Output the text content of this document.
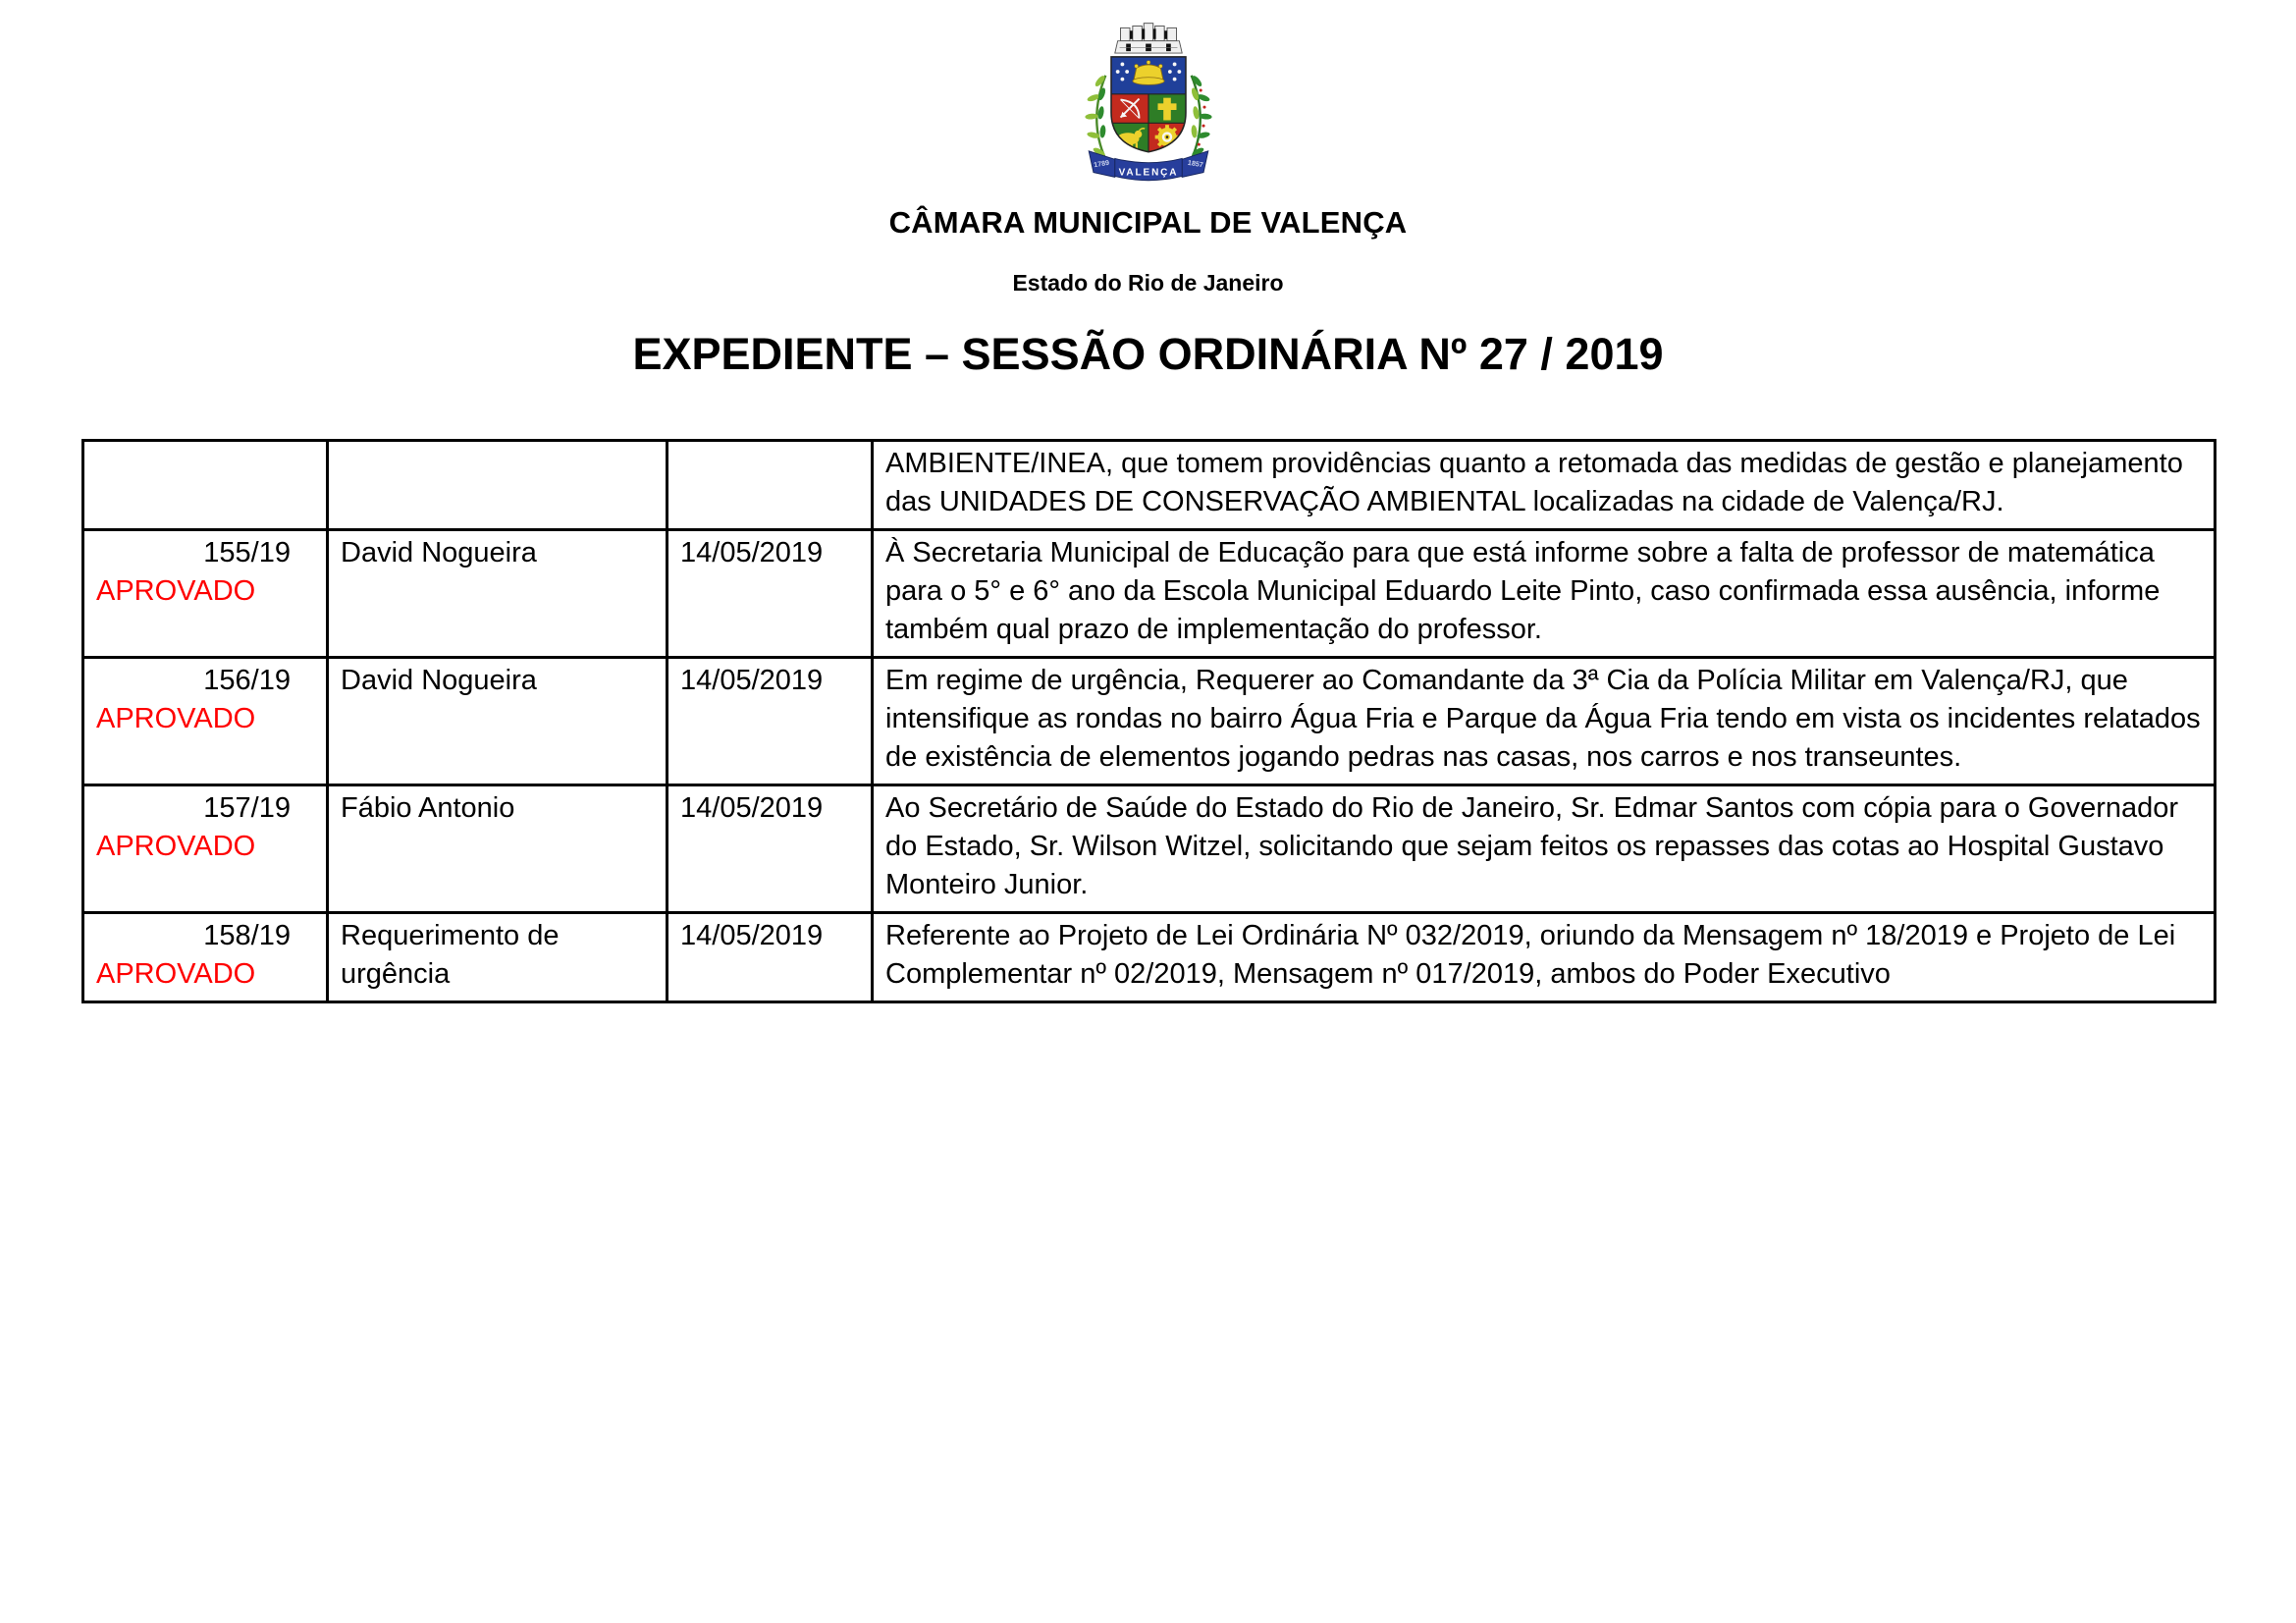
1789	1857
VALENÇA
CÂMARA MUNICIPAL DE VALENÇA
Estado do Rio de Janeiro
EXPEDIENTE – SESSÃO ORDINÁRIA Nº 27 / 2019
			AMBIENTE/INEA, que tomem providências quanto a retomada das medidas de gestão e planejamento das UNIDADES DE CONSERVAÇÃO AMBIENTAL localizadas na cidade de Valença/RJ.

155/19
APROVADO	David Nogueira	14/05/2019	À Secretaria Municipal de Educação para que está informe sobre a falta de professor de matemática para o 5° e 6° ano da Escola Municipal Eduardo Leite Pinto, caso confirmada essa ausência, informe também qual prazo de implementação do professor.

156/19
APROVADO	David Nogueira	14/05/2019	Em regime de urgência, Requerer ao Comandante da 3ª Cia da Polícia Militar em Valença/RJ, que intensifique as rondas no bairro Água Fria e Parque da Água Fria tendo em vista os incidentes relatados de existência de elementos jogando pedras nas casas, nos carros e nos transeuntes.

157/19
APROVADO	Fábio Antonio	14/05/2019	Ao Secretário de Saúde do Estado do Rio de Janeiro, Sr. Edmar Santos com cópia para o Governador do Estado, Sr. Wilson Witzel, solicitando que sejam feitos os repasses das cotas ao Hospital Gustavo Monteiro Junior.

158/19
APROVADO	Requerimento de urgência	14/05/2019	Referente ao Projeto de Lei Ordinária Nº 032/2019, oriundo da Mensagem nº 18/2019 e Projeto de Lei Complementar nº 02/2019, Mensagem nº 017/2019, ambos do Poder Executivo
